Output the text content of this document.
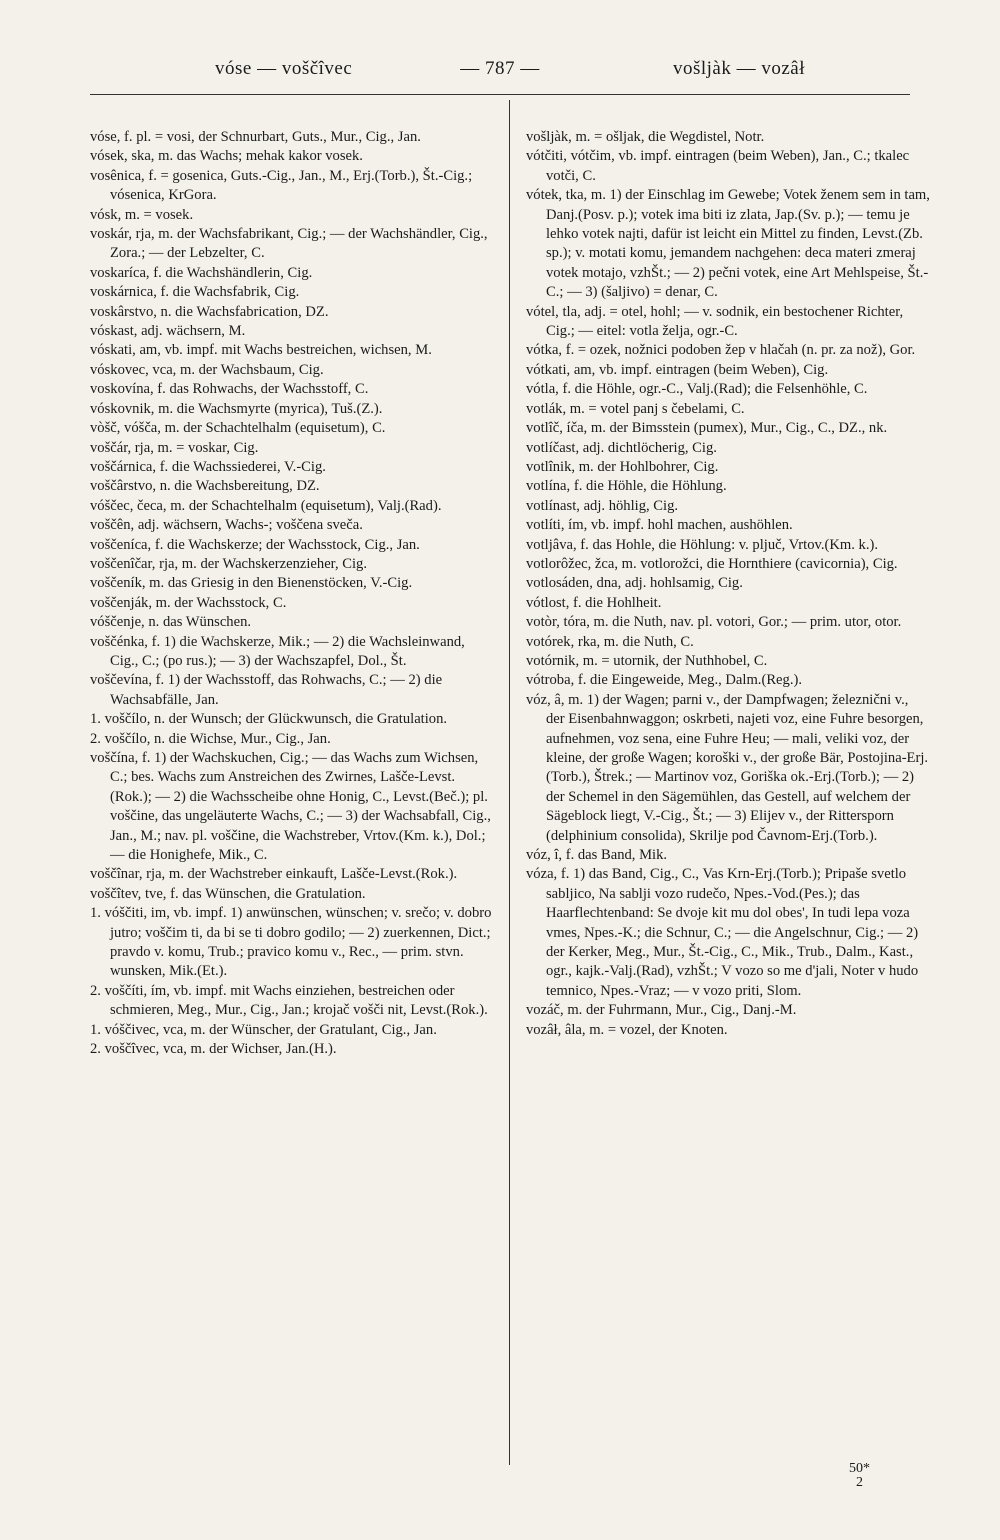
vóse — voščîvec	— 787 —	vošljàk — vozâł

vóse, f. pl. = vosi, der Schnurbart, Guts., Mur., Cig., Jan.

vósek, ska, m. das Wachs; mehak kakor vosek.

vosênica, f. = gosenica, Guts.-Cig., Jan., M., Erj.(Torb.), Št.-Cig.; vósenica, KrGora.

vósk, m. = vosek.

voskár, rja, m. der Wachsfabrikant, Cig.; — der Wachshändler, Cig., Zora.; — der Lebzelter, C.

voskaríca, f. die Wachshändlerin, Cig.

voskárnica, f. die Wachsfabrik, Cig.

voskârstvo, n. die Wachsfabrication, DZ.

vóskast, adj. wächsern, M.

vóskati, am, vb. impf. mit Wachs bestreichen, wichsen, M.

vóskovec, vca, m. der Wachsbaum, Cig.

voskovína, f. das Rohwachs, der Wachsstoff, C.

vóskovnik, m. die Wachsmyrte (myrica), Tuš.(Z.).

vòšč, vóšča, m. der Schachtelhalm (equisetum), C.

voščár, rja, m. = voskar, Cig.

voščárnica, f. die Wachssiederei, V.-Cig.

voščârstvo, n. die Wachsbereitung, DZ.

vóščec, čeca, m. der Schachtelhalm (equisetum), Valj.(Rad).

voščên, adj. wächsern, Wachs-; voščena sveča.

voščeníca, f. die Wachskerze; der Wachsstock, Cig., Jan.

voščenîčar, rja, m. der Wachskerzenzieher, Cig.

voščeník, m. das Griesig in den Bienenstöcken, V.-Cig.

voščenják, m. der Wachsstock, C.

vóščenje, n. das Wünschen.

voščénka, f. 1) die Wachskerze, Mik.; — 2) die Wachsleinwand, Cig., C.; (po rus.); — 3) der Wachszapfel, Dol., Št.

voščevína, f. 1) der Wachsstoff, das Rohwachs, C.; — 2) die Wachsabfälle, Jan.

1. voščílo, n. der Wunsch; der Glückwunsch, die Gratulation.

2. voščílo, n. die Wichse, Mur., Cig., Jan.

voščína, f. 1) der Wachskuchen, Cig.; — das Wachs zum Wichsen, C.; bes. Wachs zum Anstreichen des Zwirnes, Lašče-Levst.(Rok.); — 2) die Wachsscheibe ohne Honig, C., Levst.(Beč.); pl. voščine, das ungeläuterte Wachs, C.; — 3) der Wachsabfall, Cig., Jan., M.; nav. pl. voščine, die Wachstreber, Vrtov.(Km. k.), Dol.; — die Honighefe, Mik., C.

voščînar, rja, m. der Wachstreber einkauft, Lašče-Levst.(Rok.).

voščîtev, tve, f. das Wünschen, die Gratulation.

1. vóščiti, im, vb. impf. 1) anwünschen, wünschen; v. srečo; v. dobro jutro; voščim ti, da bi se ti dobro godilo; — 2) zuerkennen, Dict.; pravdo v. komu, Trub.; pravico komu v., Rec., — prim. stvn. wunsken, Mik.(Et.).

2. voščíti, ím, vb. impf. mit Wachs einziehen, bestreichen oder schmieren, Meg., Mur., Cig., Jan.; krojač vošči nit, Levst.(Rok.).

1. vóščivec, vca, m. der Wünscher, der Gratulant, Cig., Jan.

2. voščîvec, vca, m. der Wichser, Jan.(H.).

vošljàk, m. = ošljak, die Wegdistel, Notr.

vótčiti, vótčim, vb. impf. eintragen (beim Weben), Jan., C.; tkalec votči, C.

vótek, tka, m. 1) der Einschlag im Gewebe; Votek ženem sem in tam, Danj.(Posv. p.); votek ima biti iz zlata, Jap.(Sv. p.); — temu je lehko votek najti, dafür ist leicht ein Mittel zu finden, Levst.(Zb. sp.); v. motati komu, jemandem nachgehen: deca materi zmeraj votek motajo, vzhŠt.; — 2) pečni votek, eine Art Mehlspeise, Št.-C.; — 3) (šaljivo) = denar, C.

vótel, tla, adj. = otel, hohl; — v. sodnik, ein bestochener Richter, Cig.; — eitel: votla želja, ogr.-C.

vótka, f. = ozek, nožnici podoben žep v hlačah (n. pr. za nož), Gor.

vótkati, am, vb. impf. eintragen (beim Weben), Cig.

vótla, f. die Höhle, ogr.-C., Valj.(Rad); die Felsenhöhle, C.

votlák, m. = votel panj s čebelami, C.

votlîč, íča, m. der Bimsstein (pumex), Mur., Cig., C., DZ., nk.

votlíčast, adj. dichtlöcherig, Cig.

votlînik, m. der Hohlbohrer, Cig.

votlína, f. die Höhle, die Höhlung.

votlínast, adj. höhlig, Cig.

votlíti, ím, vb. impf. hohl machen, aushöhlen.

votljâva, f. das Hohle, die Höhlung: v. pljuč, Vrtov.(Km. k.).

votlorôžec, žca, m. votlorožci, die Hornthiere (cavicornia), Cig.

votlosáden, dna, adj. hohlsamig, Cig.

vótlost, f. die Hohlheit.

votòr, tóra, m. die Nuth, nav. pl. votori, Gor.; — prim. utor, otor.

votórek, rka, m. die Nuth, C.

votórnik, m. = utornik, der Nuthhobel, C.

vótroba, f. die Eingeweide, Meg., Dalm.(Reg.).

vóz, â, m. 1) der Wagen; parni v., der Dampfwagen; železnični v., der Eisenbahnwaggon; oskrbeti, najeti voz, eine Fuhre besorgen, aufnehmen, voz sena, eine Fuhre Heu; — mali, veliki voz, der kleine, der große Wagen; koroški v., der große Bär, Postojina-Erj.(Torb.), Štrek.; — Martinov voz, Goriška ok.-Erj.(Torb.); — 2) der Schemel in den Sägemühlen, das Gestell, auf welchem der Sägeblock liegt, V.-Cig., Št.; — 3) Elijev v., der Rittersporn (delphinium consolida), Skrilje pod Čavnom-Erj.(Torb.).

vóz, î, f. das Band, Mik.

vóza, f. 1) das Band, Cig., C., Vas Krn-Erj.(Torb.); Pripaše svetlo sabljico, Na sablji vozo rudečo, Npes.-Vod.(Pes.); das Haarflechtenband: Se dvoje kit mu dol obes', In tudi lepa voza vmes, Npes.-K.; die Schnur, C.; — die Angelschnur, Cig.; — 2) der Kerker, Meg., Mur., Št.-Cig., C., Mik., Trub., Dalm., Kast., ogr., kajk.-Valj.(Rad), vzhŠt.; V vozo so me d'jali, Noter v hudo temnico, Npes.-Vraz; — v vozo priti, Slom.

vozáč, m. der Fuhrmann, Mur., Cig., Danj.-M.

vozâł, âla, m. = vozel, der Knoten.

50*
2
